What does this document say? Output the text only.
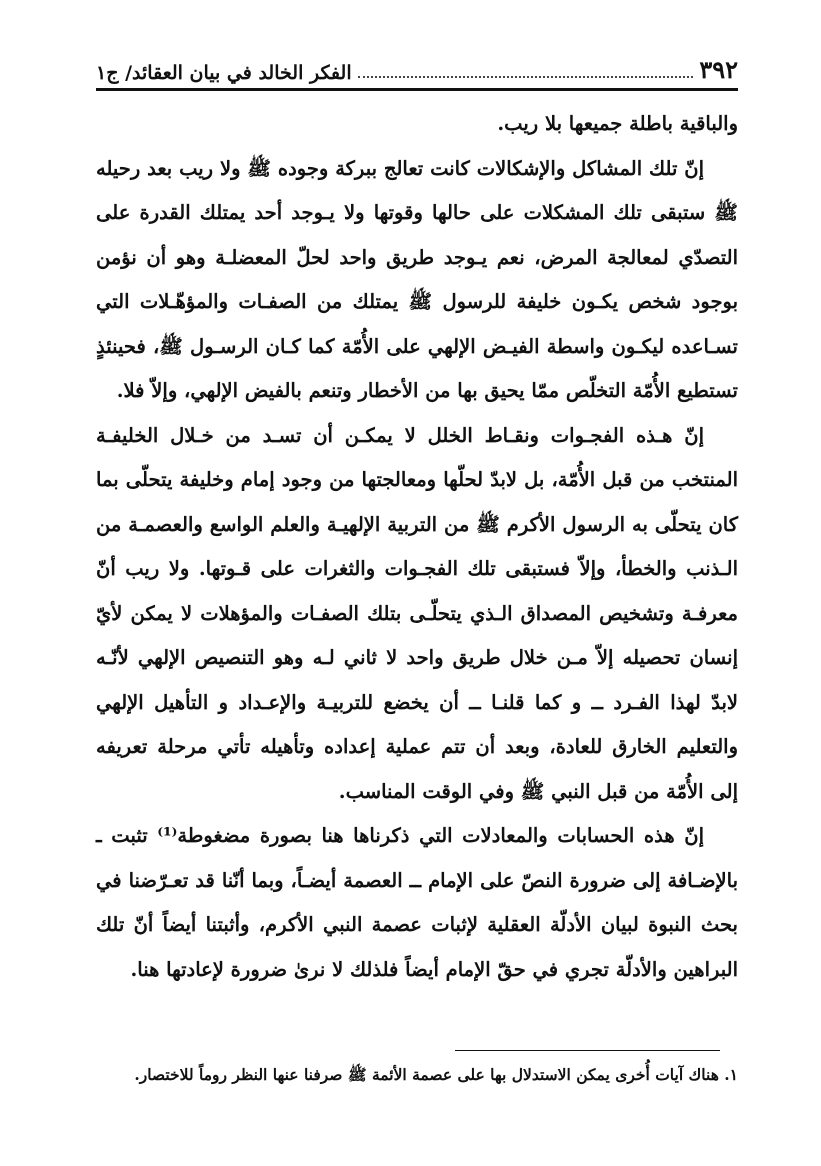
٣٩٢
الفكر الخالد في بيان العقائد/ ج١

والباقية باطلة جميعها بلا ريب.

إنّ تلك المشاكل والإشكالات كانت تعالج ببركة وجوده ﷺ ولا ريب بعد رحيله ﷺ ستبقى تلك المشكلات على حالها وقوتها ولا يـوجد أحد يمتلك القدرة على التصدّي لمعالجة المرض، نعم يـوجد طريق واحد لحلّ المعضلـة وهو أن نؤمن بوجود شخص يكـون خليفة للرسول ﷺ يمتلك من الصفـات والمؤهّـلات التي تسـاعده ليكـون واسطة الفيـض الإلهي على الأُمّة كما كـان الرسـول ﷺ، فحينئذٍ تستطيع الأُمّة التخلّص ممّا يحيق بها من الأخطار وتنعم بالفيض الإلهي، وإلاّ فلا.

إنّ هـذه الفجـوات ونقـاط الخلل لا يمكـن أن تسـد من خـلال الخليفـة المنتخب من قبل الأُمّة، بل لابدّ لحلّها ومعالجتها من وجود إمام وخليفة يتحلّى بما كان يتحلّى به الرسول الأكرم ﷺ من التربية الإلهيـة والعلم الواسع والعصمـة من الـذنب والخطأ، وإلاّ فستبقى تلك الفجـوات والثغرات على قـوتها. ولا ريب أنّ معرفـة وتشخيص المصداق الـذي يتحلّـى بتلك الصفـات والمؤهلات لا يمكن لأيّ إنسان تحصيله إلاّ مـن خلال طريق واحد لا ثاني لـه وهو التنصيص الإلهي لأنّـه لابدّ لهذا الفـرد ــ و كما قلنـا ــ أن يخضع للتربيـة والإعـداد و التأهيل الإلهي والتعليم الخارق للعادة، وبعد أن تتم عملية إعداده وتأهيله تأتي مرحلة تعريفه إلى الأُمّة من قبل النبي ﷺ وفي الوقت المناسب.

إنّ هذه الحسابات والمعادلات التي ذكرناها هنا بصورة مضغوطة⁽¹⁾ تثبت ـ بالإضـافة إلى ضرورة النصّ على الإمام ــ العصمة أيضـاً، وبما أنّنا قد تعـرّضنا في بحث النبوة لبيان الأدلّة العقلية لإثبات عصمة النبي الأكرم، وأثبتنا أيضاً أنّ تلك البراهين والأدلّة تجري في حقّ الإمام أيضاً فلذلك لا نرىٰ ضرورة لإعادتها هنا.

١. هناك آيات أُخرى يمكن الاستدلال بها على عصمة الأئمة ﷺ صرفنا عنها النظر روماً للاختصار.
